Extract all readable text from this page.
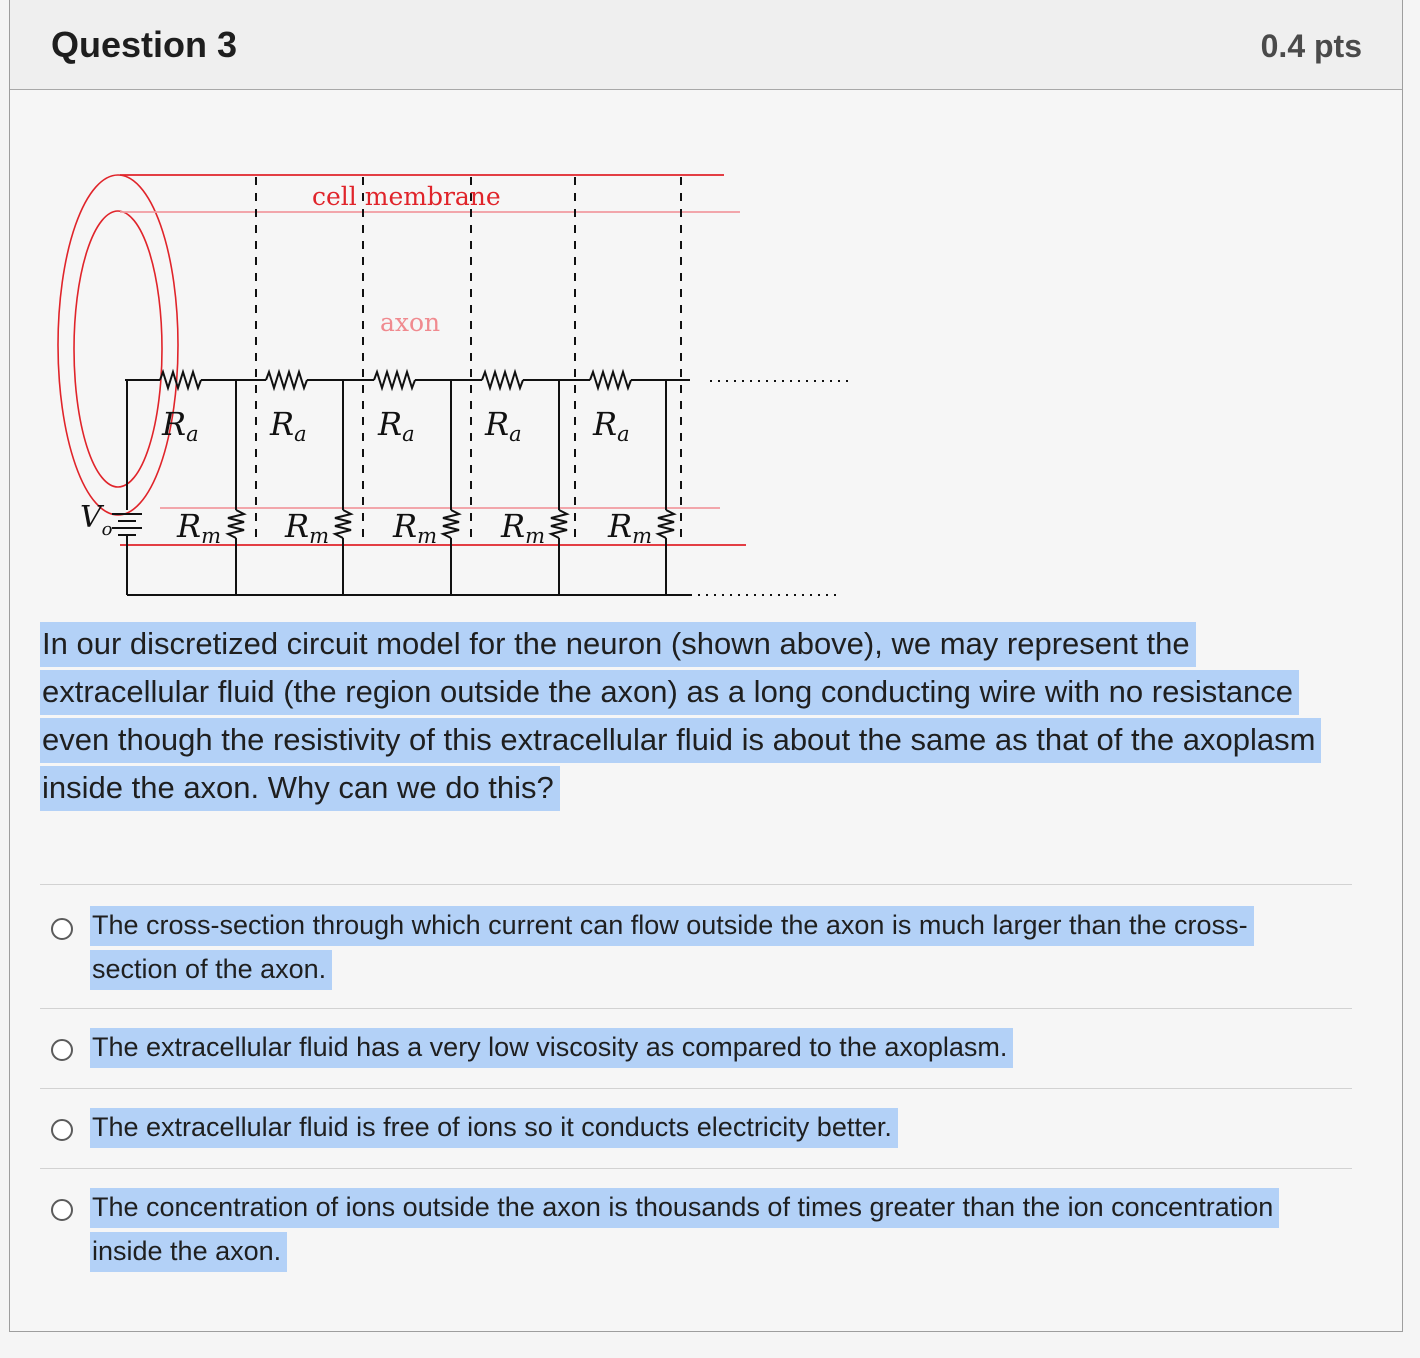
Question 3	0.4 pts
cell membrane
axon
Ra Ra Ra Ra Ra
Rm Rm Rm Rm Rm
$V_o$
In our discretized circuit model for the neuron (shown above), we may represent the
extracellular fluid (the region outside the axon) as a long conducting wire with no resistance
even though the resistivity of this extracellular fluid is about the same as that of the axoplasm
inside the axon. Why can we do this?
The cross-section through which current can flow outside the axon is much larger than the cross-
section of the axon.
The extracellular fluid has a very low viscosity as compared to the axoplasm.
The extracellular fluid is free of ions so it conducts electricity better.
The concentration of ions outside the axon is thousands of times greater than the ion concentration
inside the axon.
